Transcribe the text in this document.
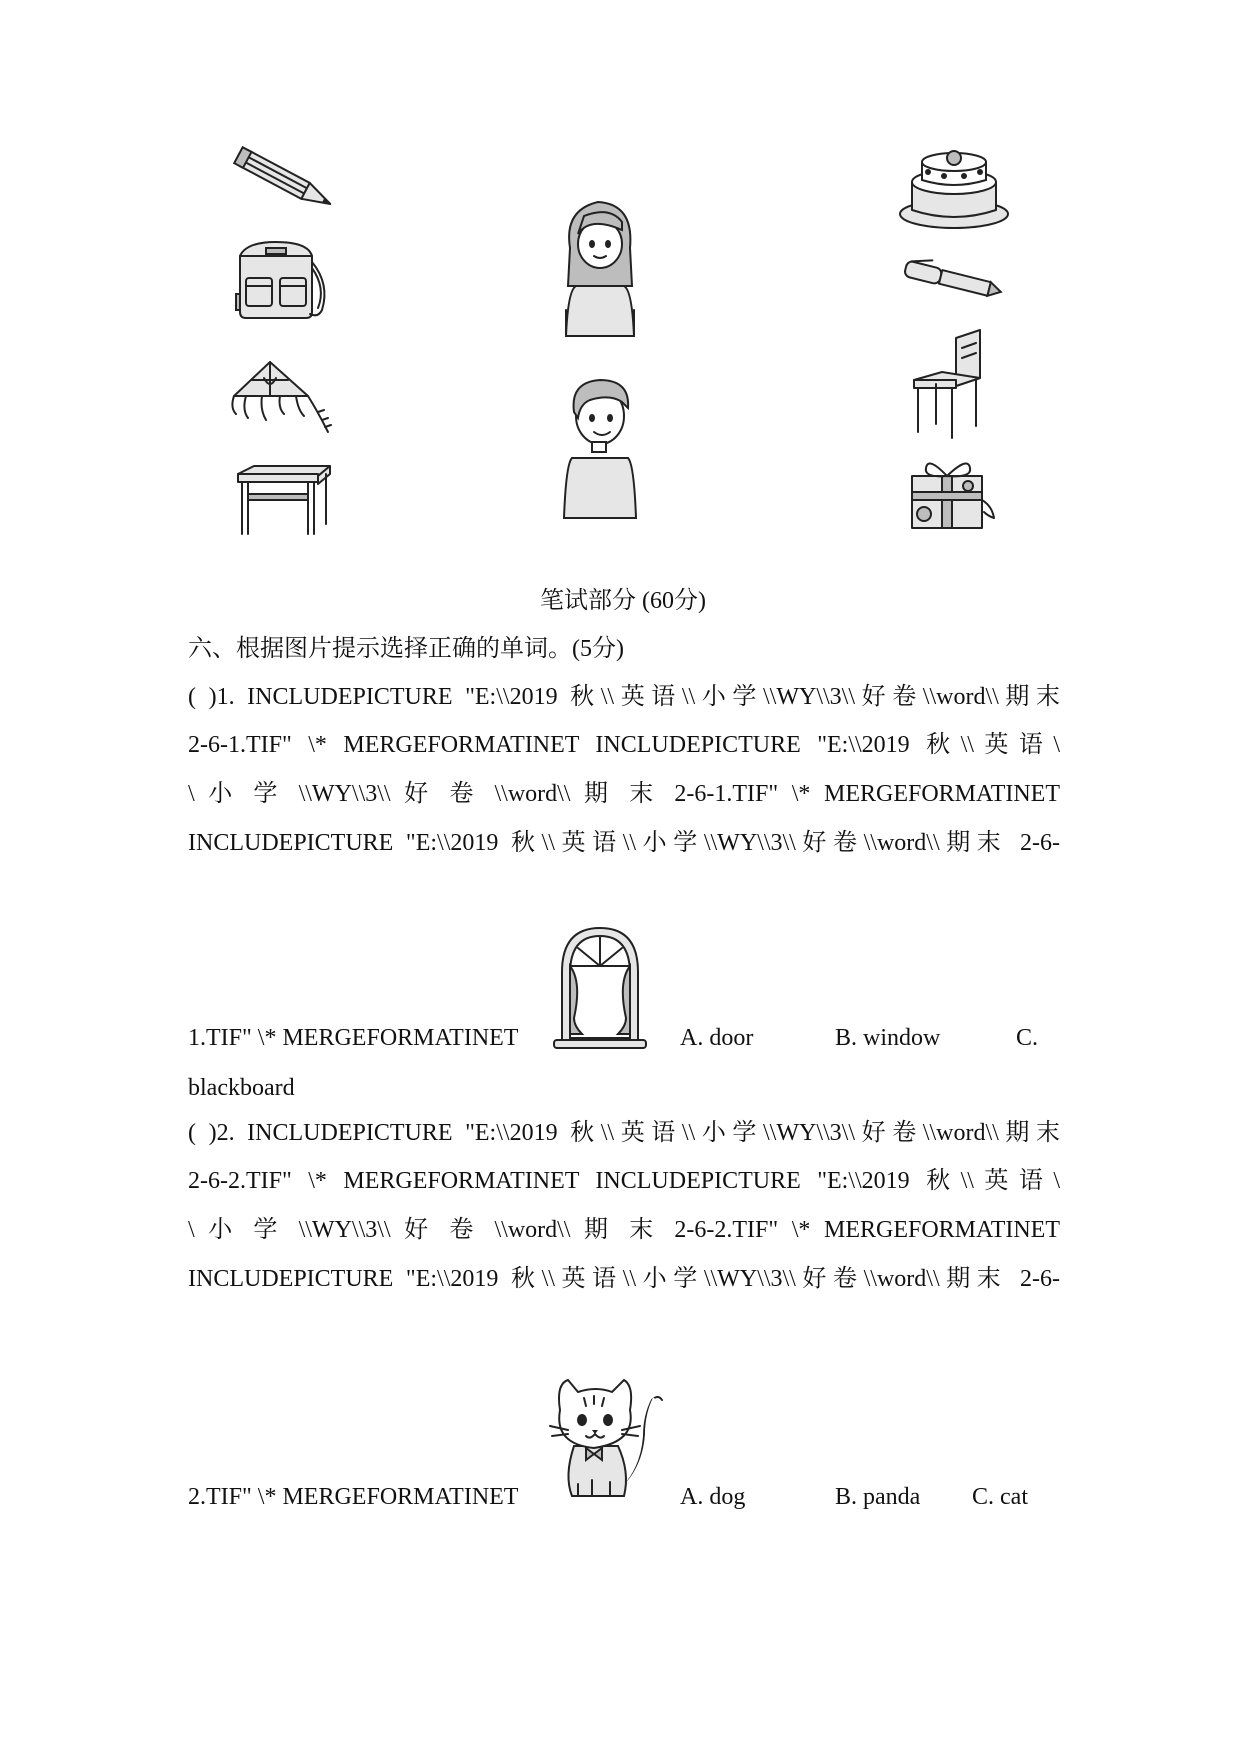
笔试部分 (60分)
六、根据图片提示选择正确的单词。(5分)
( )1. INCLUDEPICTURE "E:\\2019 秋\\英语\\小学\\WY\\3\\好卷\\word\\期末
2-6-1.TIF" \* MERGEFORMATINET INCLUDEPICTURE "E:\\2019 秋\\英语\
\ 小 学 \\WY\\3\\ 好 卷 \\word\\ 期 末 2-6-1.TIF" \* MERGEFORMATINET
INCLUDEPICTURE "E:\\2019 秋\\英语\\小学\\WY\\3\\好卷\\word\\期末 2-6-
1.TIF" \* MERGEFORMATINET	A. door	B. window	C.
blackboard
( )2. INCLUDEPICTURE "E:\\2019 秋\\英语\\小学\\WY\\3\\好卷\\word\\期末
2-6-2.TIF" \* MERGEFORMATINET INCLUDEPICTURE "E:\\2019 秋\\英语\
\ 小 学 \\WY\\3\\ 好 卷 \\word\\ 期 末 2-6-2.TIF" \* MERGEFORMATINET
INCLUDEPICTURE "E:\\2019 秋\\英语\\小学\\WY\\3\\好卷\\word\\期末 2-6-
2.TIF" \* MERGEFORMATINET	A. dog	B. panda C. cat
